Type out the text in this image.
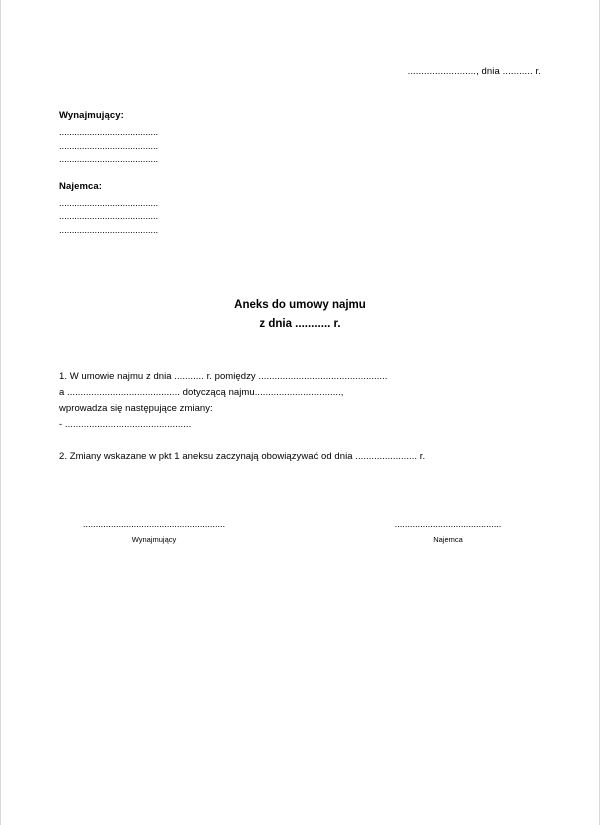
........................., dnia ........... r.
Wynajmujący:
.......................................
.......................................
.......................................
Najemca:
.......................................
.......................................
.......................................
Aneks do umowy najmu
z dnia ........... r.

1. W umowie najmu z dnia ........... r. pomiędzy ................................................

a .......................................... dotyczącą najmu................................,

wprowadza się następujące zmiany:

- ...............................................

2. Zmiany wskazane w pkt 1 aneksu zaczynają obowiązywać od dnia ....................... r.

........................................................
Wynajmujący
..........................................
Najemca
